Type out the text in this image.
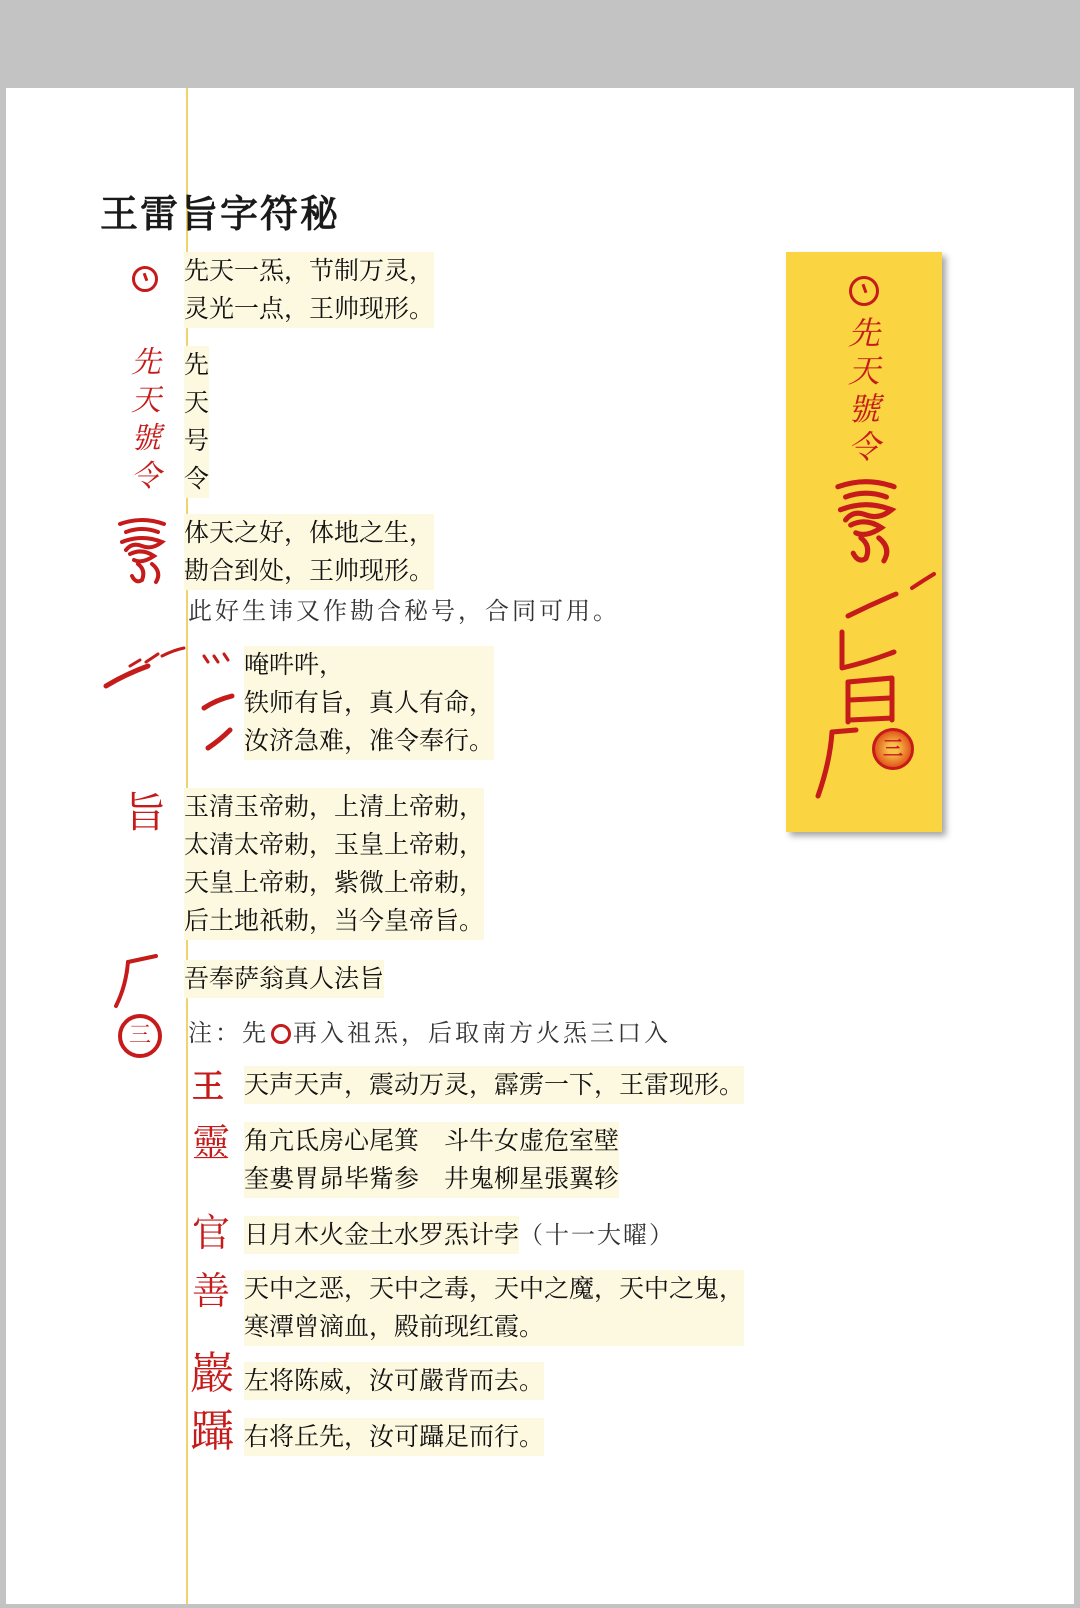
王雷旨字符秘
先天一炁，节制万灵，
灵光一点，王帅现形。
先
天
號
令
先
天
号
令
体天之好，体地之生，
勘合到处，王帅现形。
此好生讳又作勘合秘号，合同可用。
唵吽吽，
铁师有旨，真人有命，
汝济急难，准令奉行。
旨 玉清玉帝勅，上清上帝勅，
太清太帝勅，玉皇上帝勅，
天皇上帝勅，紫微上帝勅，
后土地祇勅，当今皇帝旨。
吾奉萨翁真人法旨
三 注：先 再入祖炁，后取南方火炁三口入
王 天声天声，震动万灵，霹雳一下，王雷现形。
靈 角亢氐房心尾箕　斗牛女虚危室壁
奎婁胃昴毕觜参　井鬼柳星張翼轸
官 日月木火金土水罗炁计孛（十一大曜）
善 天中之恶，天中之毒，天中之魔，天中之鬼，
寒潭曾滴血，殿前现红霞。
巖 左将陈威，汝可嚴背而去。
躡 右将丘先，汝可躡足而行。
先
天
號
令
三
